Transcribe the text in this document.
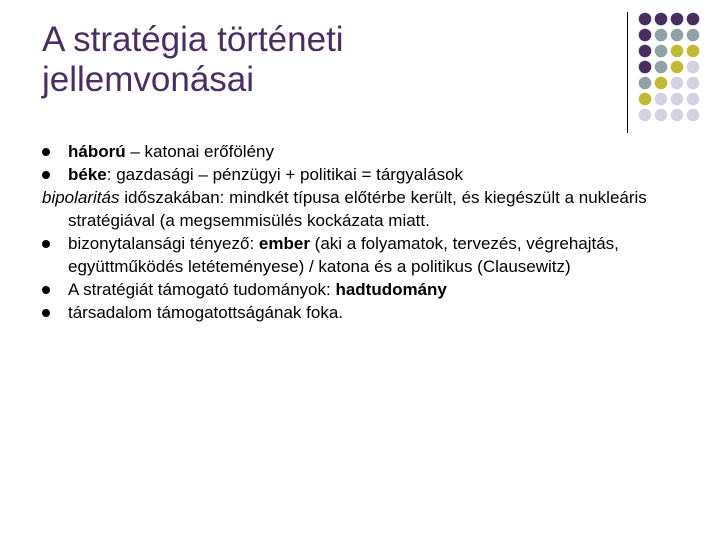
A stratégia történeti
jellemvonásai
háború – katonai erőfölény
béke: gazdasági – pénzügyi + politikai = tárgyalások
bipolaritás időszakában: mindkét típusa előtérbe került, és kiegészült a nukleáris stratégiával (a megsemmisülés kockázata miatt.
bizonytalansági tényező: ember (aki a folyamatok, tervezés, végrehajtás, együttműködés letéteményese) / katona és a politikus (Clausewitz)
A stratégiát támogató tudományok: hadtudomány
társadalom támogatottságának foka.
